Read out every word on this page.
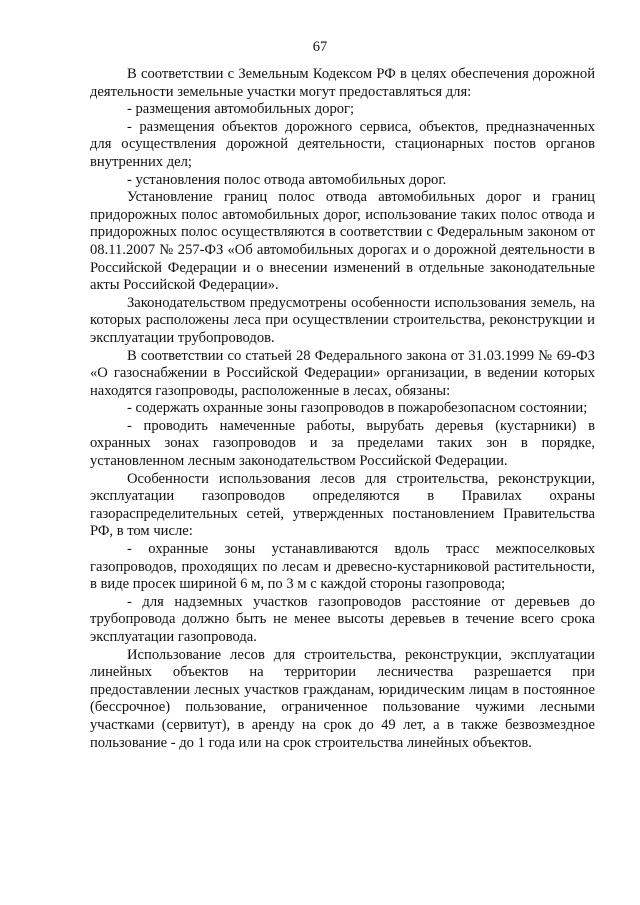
67

В соответствии с Земельным Кодексом РФ в целях обеспечения дорожной деятельности земельные участки могут предоставляться для:

- размещения автомобильных дорог;

- размещения объектов дорожного сервиса, объектов, предназначенных для осуществления дорожной деятельности, стационарных постов органов внутренних дел;

- установления полос отвода автомобильных дорог.

Установление границ полос отвода автомобильных дорог и границ придорожных полос автомобильных дорог, использование таких полос отвода и придорожных полос осуществляются в соответствии с Федеральным законом от 08.11.2007 № 257-ФЗ «Об автомобильных дорогах и о дорожной деятельности в Российской Федерации и о внесении изменений в отдельные законодательные акты Российской Федерации».

Законодательством предусмотрены особенности использования земель, на которых расположены леса при осуществлении строительства, реконструкции и эксплуатации трубопроводов.

В соответствии со статьей 28 Федерального закона от 31.03.1999 № 69-ФЗ «О газоснабжении в Российской Федерации» организации, в ведении которых находятся газопроводы, расположенные в лесах, обязаны:

- содержать охранные зоны газопроводов в пожаробезопасном состоянии;

- проводить намеченные работы, вырубать деревья (кустарники) в охранных зонах газопроводов и за пределами таких зон в порядке, установленном лесным законодательством Российской Федерации.

Особенности использования лесов для строительства, реконструкции, эксплуатации газопроводов определяются в Правилах охраны газораспределительных сетей, утвержденных постановлением Правительства РФ, в том числе:

- охранные зоны устанавливаются вдоль трасс межпоселковых газопроводов, проходящих по лесам и древесно-кустарниковой растительности, в виде просек шириной 6 м, по 3 м с каждой стороны газопровода;

- для надземных участков газопроводов расстояние от деревьев до трубопровода должно быть не менее высоты деревьев в течение всего срока эксплуатации газопровода.

Использование лесов для строительства, реконструкции, эксплуатации линейных объектов на территории лесничества разрешается при предоставлении лесных участков гражданам, юридическим лицам в постоянное (бессрочное) пользование, ограниченное пользование чужими лесными участками (сервитут), в аренду на срок до 49 лет, а в также безвозмездное пользование - до 1 года или на срок строительства линейных объектов.
